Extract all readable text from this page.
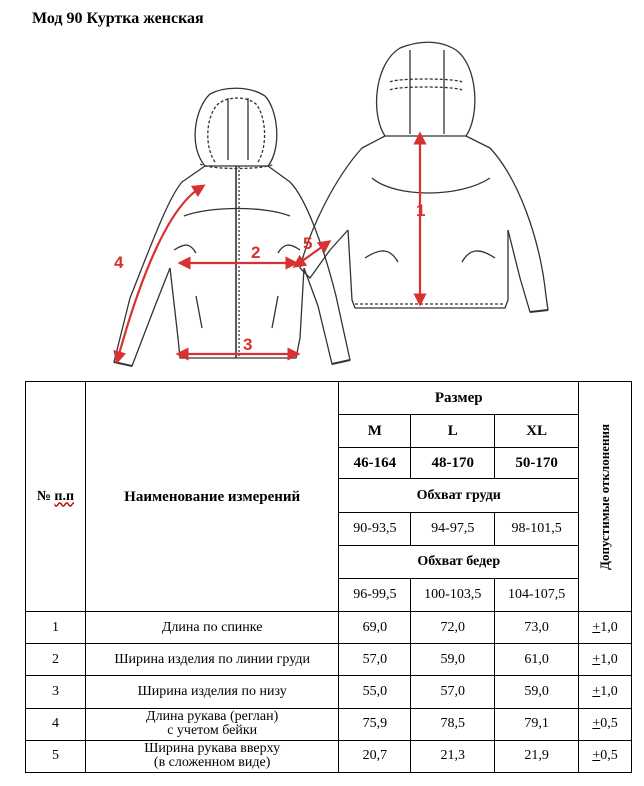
Мод 90 Куртка женская
1
2
3
4
5
№ п.п	Наименование измерений	Размер			Допустимые отклонения

		M	L	XL	
		46-164	48-170	50-170	
		Обхват груди			
		90-93,5	94-97,5	98-101,5	
		Обхват бедер			
		96-99,5	100-103,5	104-107,5	
1	Длина по спинке	69,0	72,0	73,0	+1,0
2	Ширина изделия по линии груди	57,0	59,0	61,0	+1,0
3	Ширина изделия по низу	55,0	57,0	59,0	+1,0
4	Длина рукава (реглан)
с учетом бейки	75,9	78,5	79,1	+0,5
5	Ширина рукава вверху
(в сложенном виде)	20,7	21,3	21,9	+0,5
